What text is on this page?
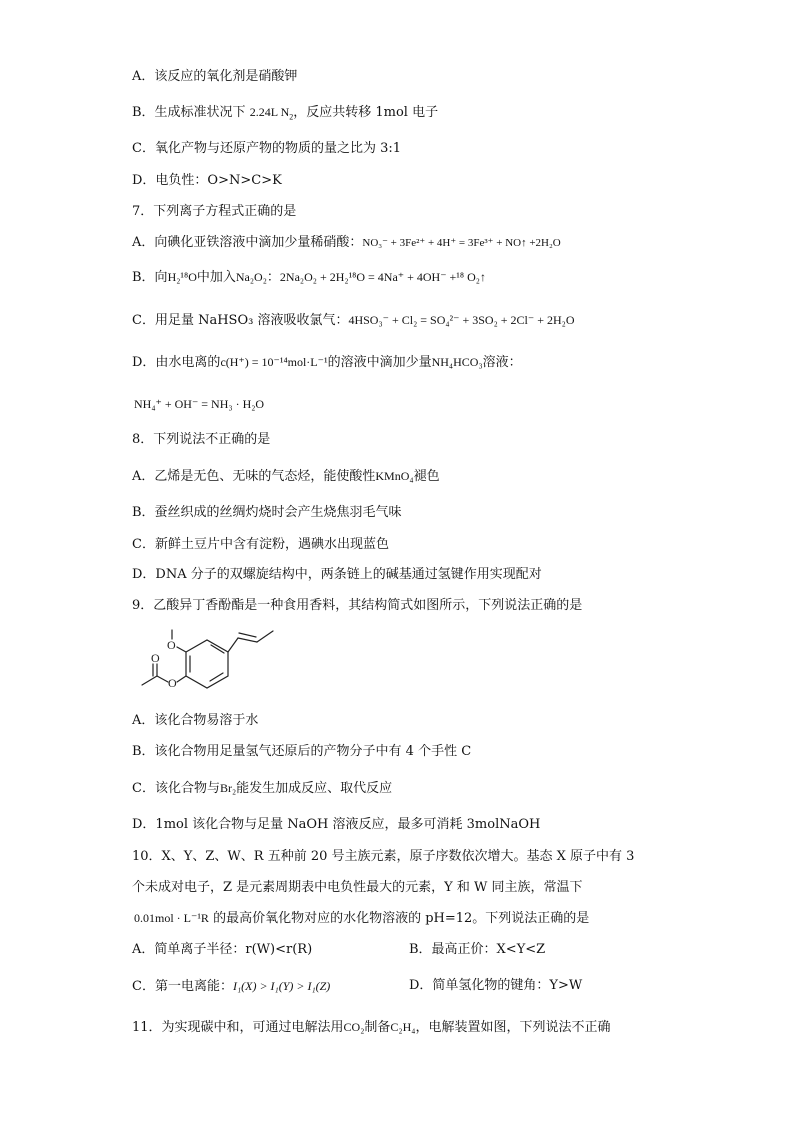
A．该反应的氧化剂是硝酸钾
B．生成标准状况下 2.24L $N_2$，反应共转移 1mol 电子
C．氧化产物与还原产物的物质的量之比为 3:1
D．电负性：O>N>C>K
7．下列离子方程式正确的是
A．向碘化亚铁溶液中滴加少量稀硝酸：NO₃⁻ + 3Fe²⁺ + 4H⁺ = 3Fe³⁺ + NO↑ +2H₂O
B．向H₂¹⁸O中加入Na₂O₂：2Na₂O₂ + 2H₂¹⁸O = 4Na⁺ + 4OH⁻ +¹⁸ O₂↑
C．用足量 NaHSO₃ 溶液吸收氯气：4HSO₃⁻ + Cl₂ = SO₄²⁻ + 3SO₂ + 2Cl⁻ + 2H₂O
D．由水电离的c(H⁺) = 10⁻¹⁴mol·L⁻¹的溶液中滴加少量NH₄HCO₃溶液：
NH₄⁺ + OH⁻ = NH₃ · H₂O
8．下列说法不正确的是
A．乙烯是无色、无味的气态烃，能使酸性KMnO₄褪色
B．蚕丝织成的丝绸灼烧时会产生烧焦羽毛气味
C．新鲜土豆片中含有淀粉，遇碘水出现蓝色
D．DNA 分子的双螺旋结构中，两条链上的碱基通过氢键作用实现配对
9．乙酸异丁香酚酯是一种食用香料，其结构简式如图所示，下列说法正确的是
O
O
O
A．该化合物易溶于水
B．该化合物用足量氢气还原后的产物分子中有 4 个手性 C
C．该化合物与Br₂能发生加成反应、取代反应
D．1mol 该化合物与足量 NaOH 溶液反应，最多可消耗 3molNaOH
10．X、Y、Z、W、R 五种前 20 号主族元素，原子序数依次增大。基态 X 原子中有 3
个未成对电子，Z 是元素周期表中电负性最大的元素，Y 和 W 同主族，常温下
0.01mol · L⁻¹R 的最高价氧化物对应的水化物溶液的 pH=12。下列说法正确的是
A．简单离子半径：r(W)<r(R)	B．最高正价：X<Y<Z
C．第一电离能：I₁(X) > I₁(Y) > I₁(Z)	D．简单氢化物的键角：Y>W
11．为实现碳中和，可通过电解法用CO₂制备C₂H₄，电解装置如图，下列说法不正确
